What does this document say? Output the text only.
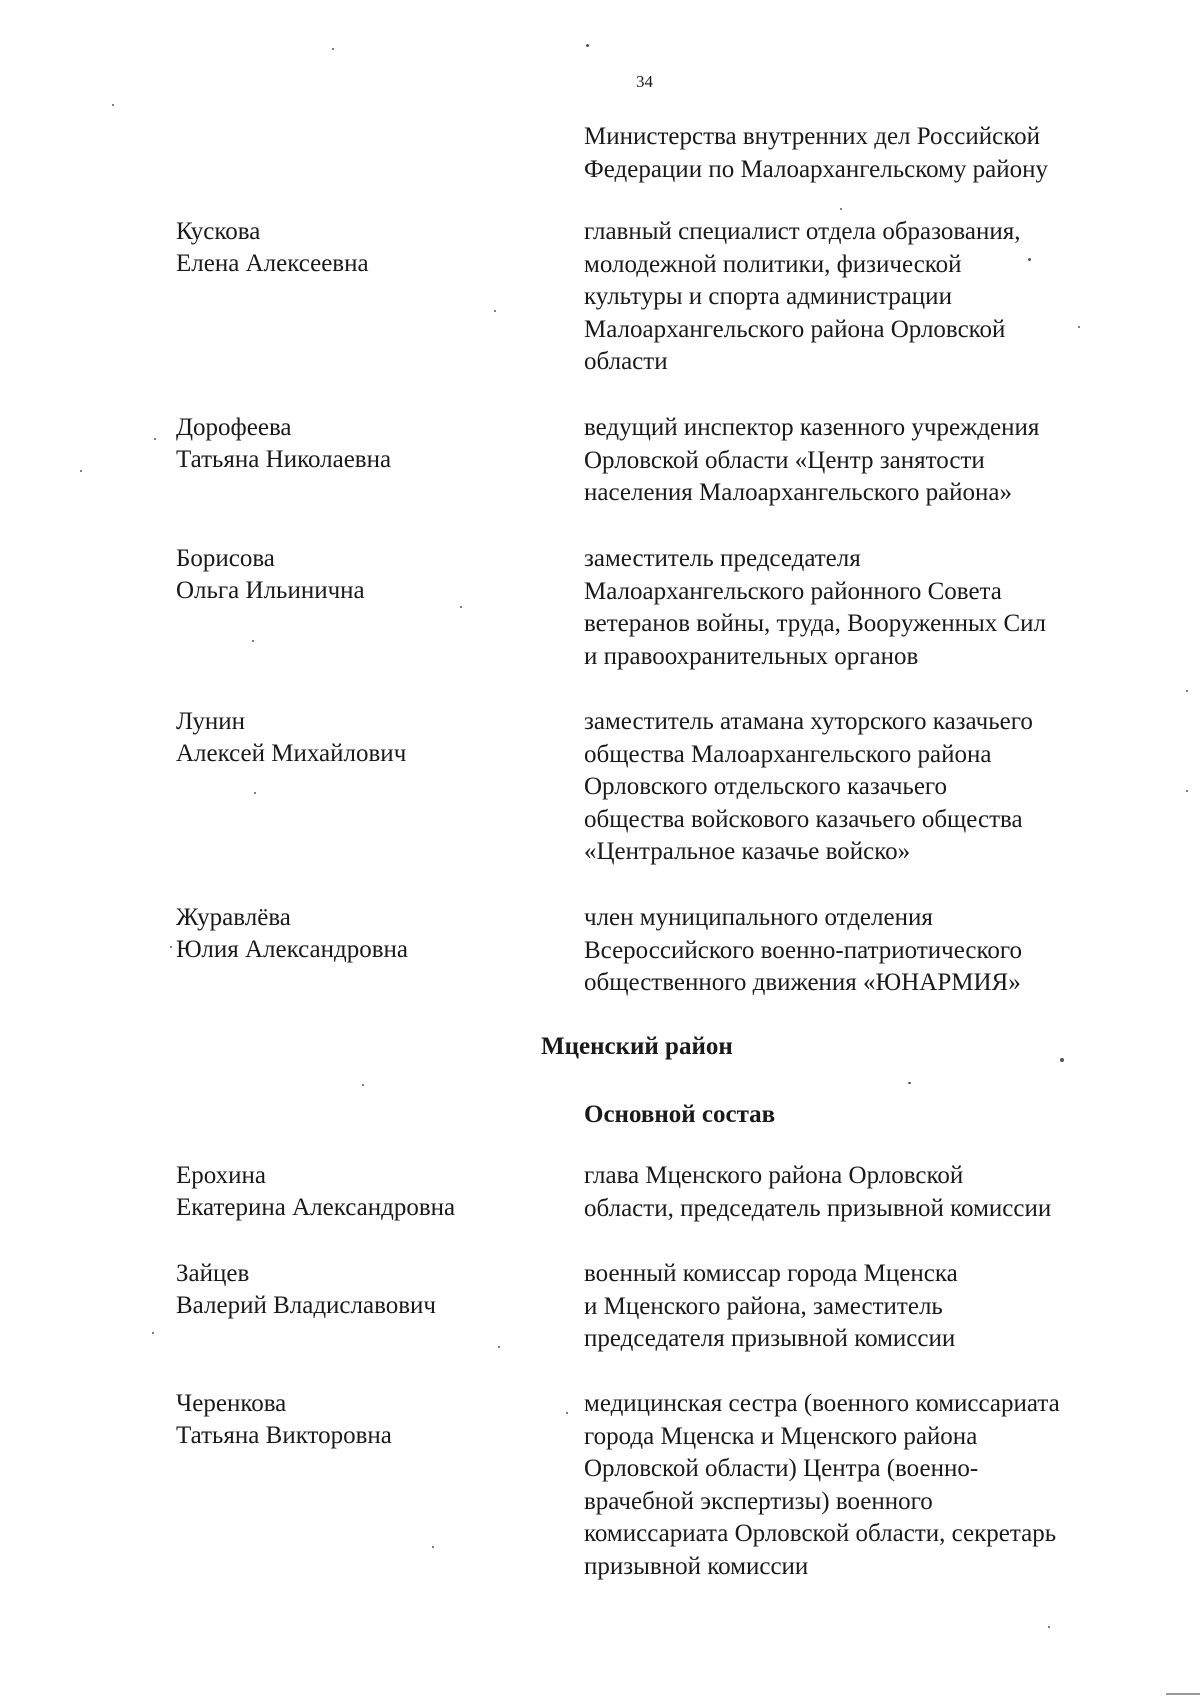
34
Министерства внутренних дел Российской
Федерации по Малоархангельскому району
Кускова
Елена Алексеевна
главный специалист отдела образования,
молодежной политики, физической
культуры и спорта администрации
Малоархангельского района Орловской
области
Дорофеева
Татьяна Николаевна
ведущий инспектор казенного учреждения
Орловской области «Центр занятости
населения Малоархангельского района»
Борисова
Ольга Ильинична
заместитель председателя
Малоархангельского районного Совета
ветеранов войны, труда, Вооруженных Сил
и правоохранительных органов
Лунин
Алексей Михайлович
заместитель атамана хуторского казачьего
общества Малоархангельского района
Орловского отдельского казачьего
общества войскового казачьего общества
«Центральное казачье войско»
Журавлёва
Юлия Александровна
член муниципального отделения
Всероссийского военно-патриотического
общественного движения «ЮНАРМИЯ»
Мценский район
Основной состав
Ерохина
Екатерина Александровна
глава Мценского района Орловской
области, председатель призывной комиссии
Зайцев
Валерий Владиславович
военный комиссар города Мценска
и Мценского района, заместитель
председателя призывной комиссии
Черенкова
Татьяна Викторовна
медицинская сестра (военного комиссариата
города Мценска и Мценского района
Орловской области) Центра (военно-
врачебной экспертизы) военного
комиссариата Орловской области, секретарь
призывной комиссии
